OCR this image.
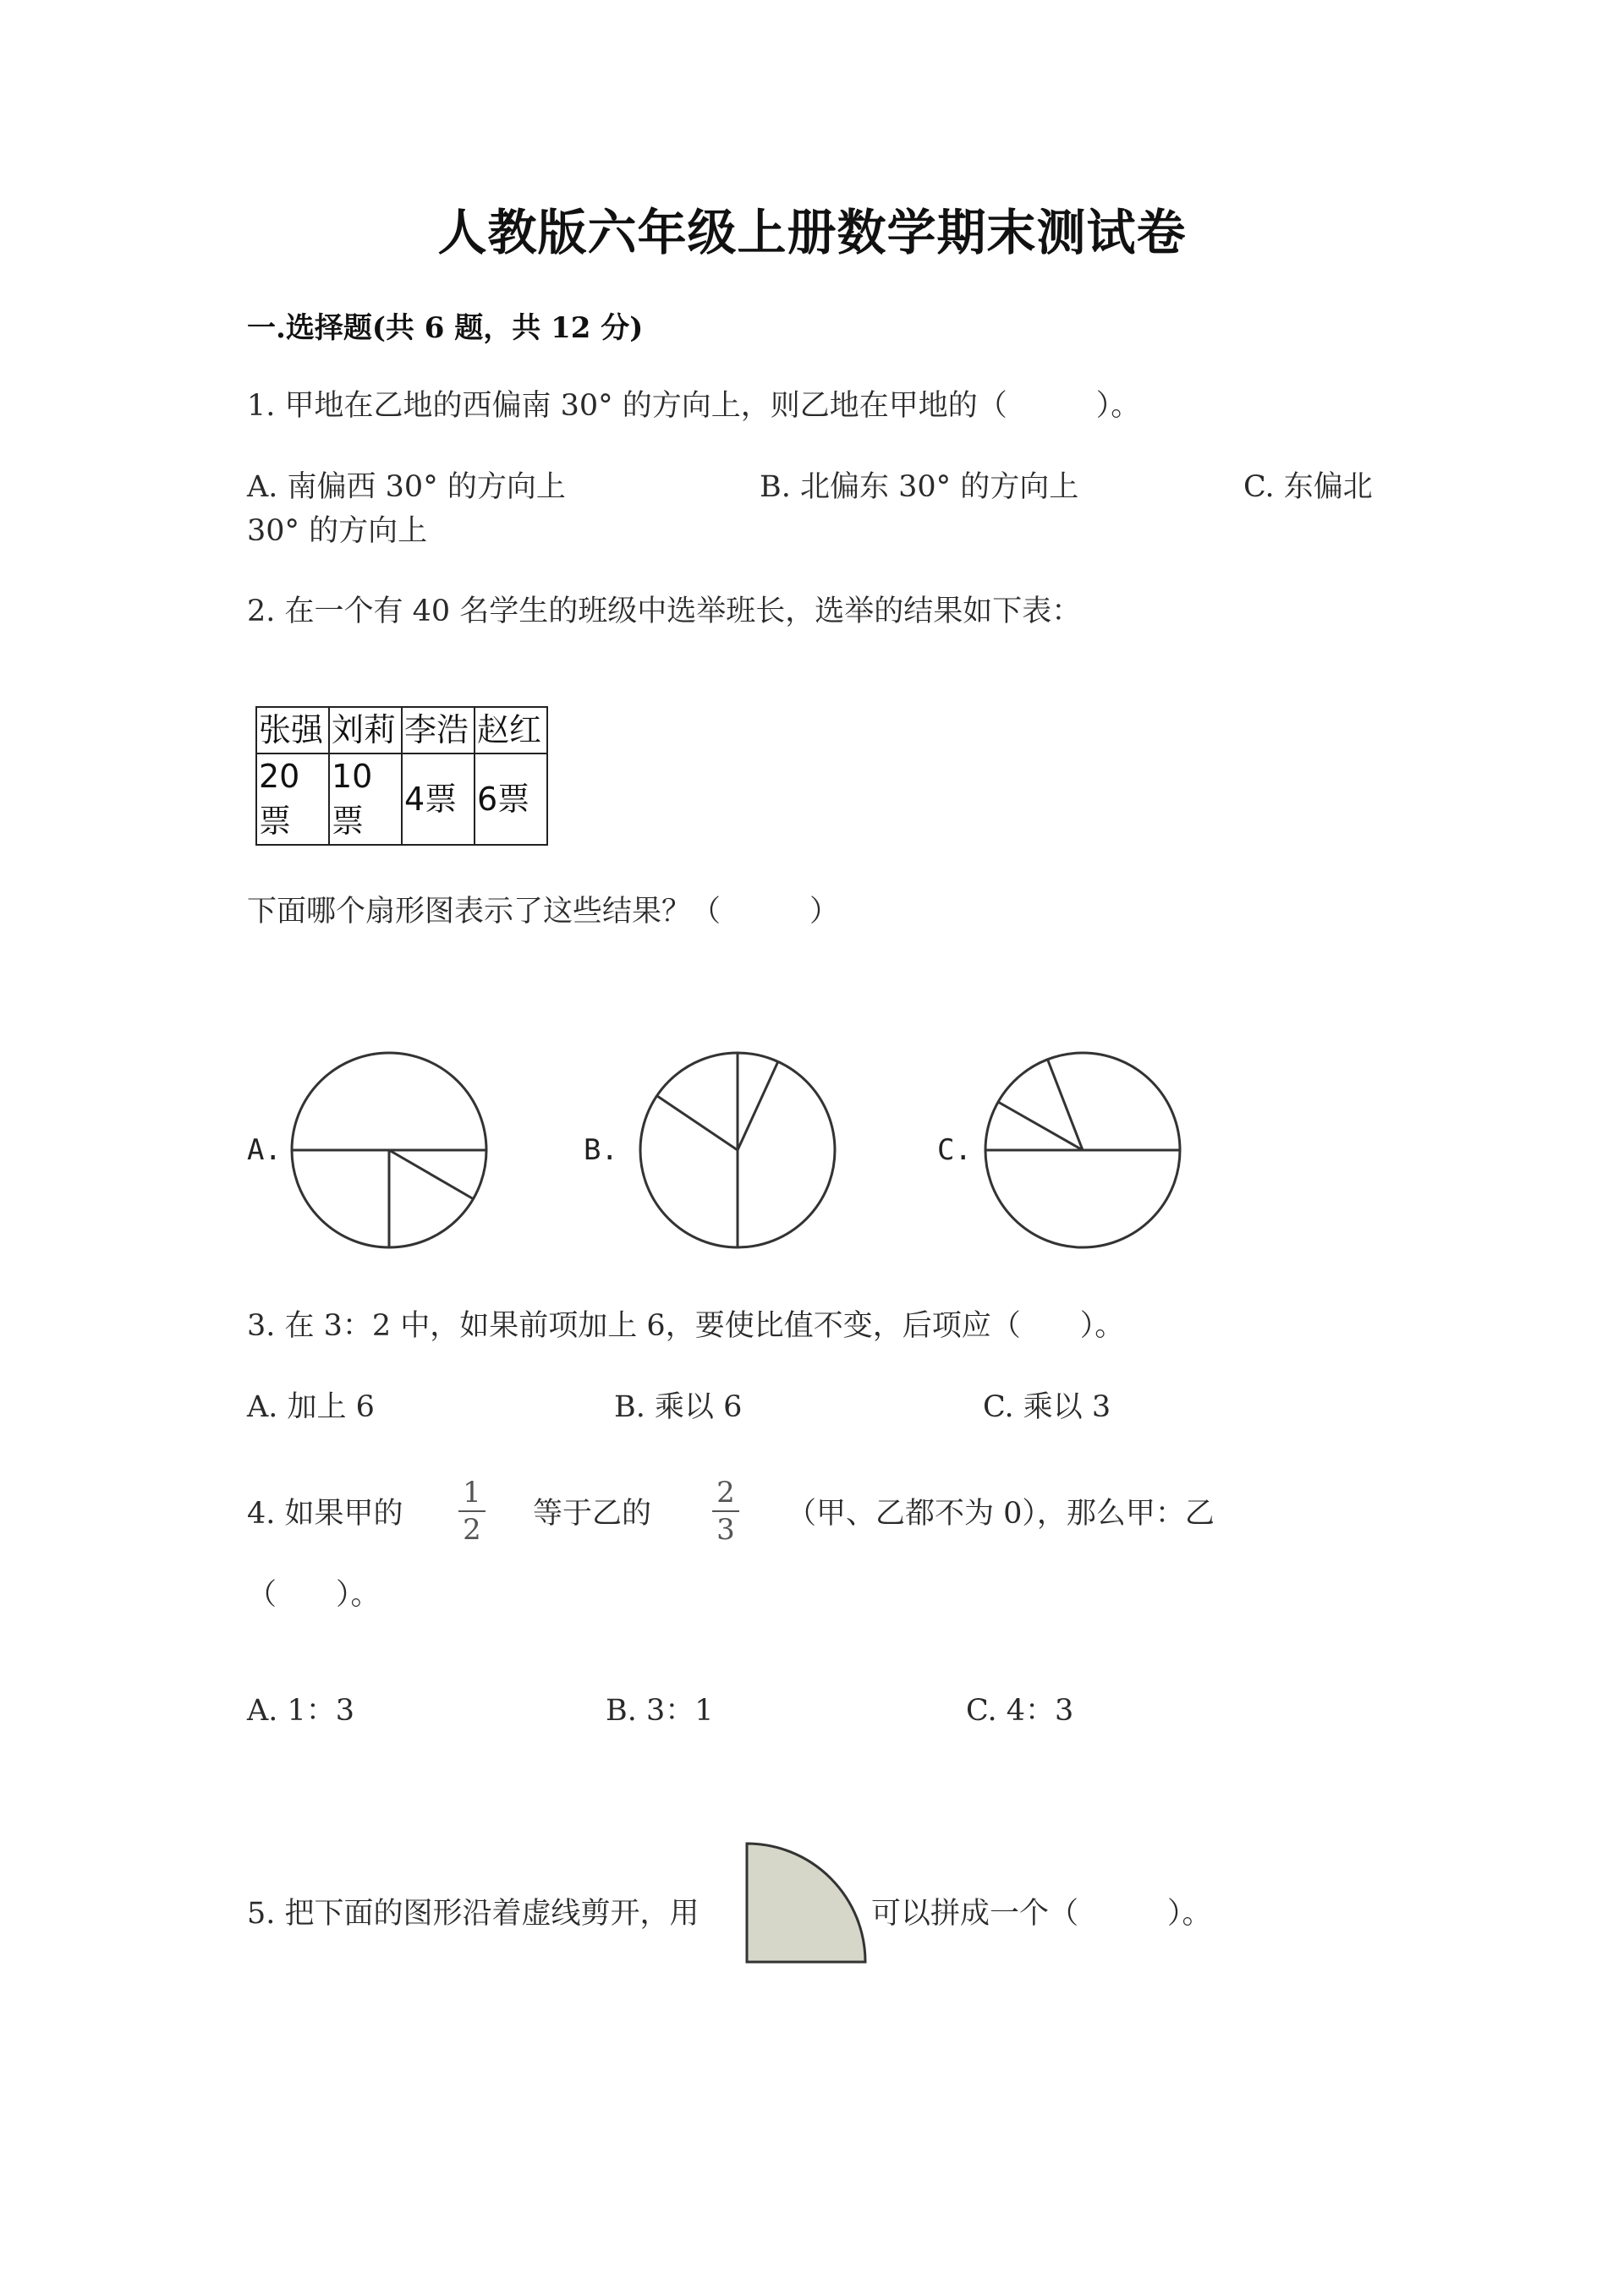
人教版六年级上册数学期末测试卷
一.选择题(共 6 题，共 12 分)
1. 甲地在乙地的西偏南 30° 的方向上，则乙地在甲地的（　　　）。
A. 南偏西 30° 的方向上	B. 北偏东 30° 的方向上	C. 东偏北
30° 的方向上
2. 在一个有 40 名学生的班级中选举班长，选举的结果如下表：
张强	刘莉	李浩	赵红
20票	10票	4票	6票
下面哪个扇形图表示了这些结果？（　　　）
A.	B.	C.
3. 在 3：2 中，如果前项加上 6，要使比值不变，后项应（　　）。
A. 加上 6	B. 乘以 6	C. 乘以 3
4. 如果甲的
1
2 等于乙的
2
3 （甲、乙都不为 0），那么甲：乙
（　　）。
A. 1：3	B. 3：1	C. 4：3
5. 把下面的图形沿着虚线剪开，用	可以拼成一个（　　　）。
